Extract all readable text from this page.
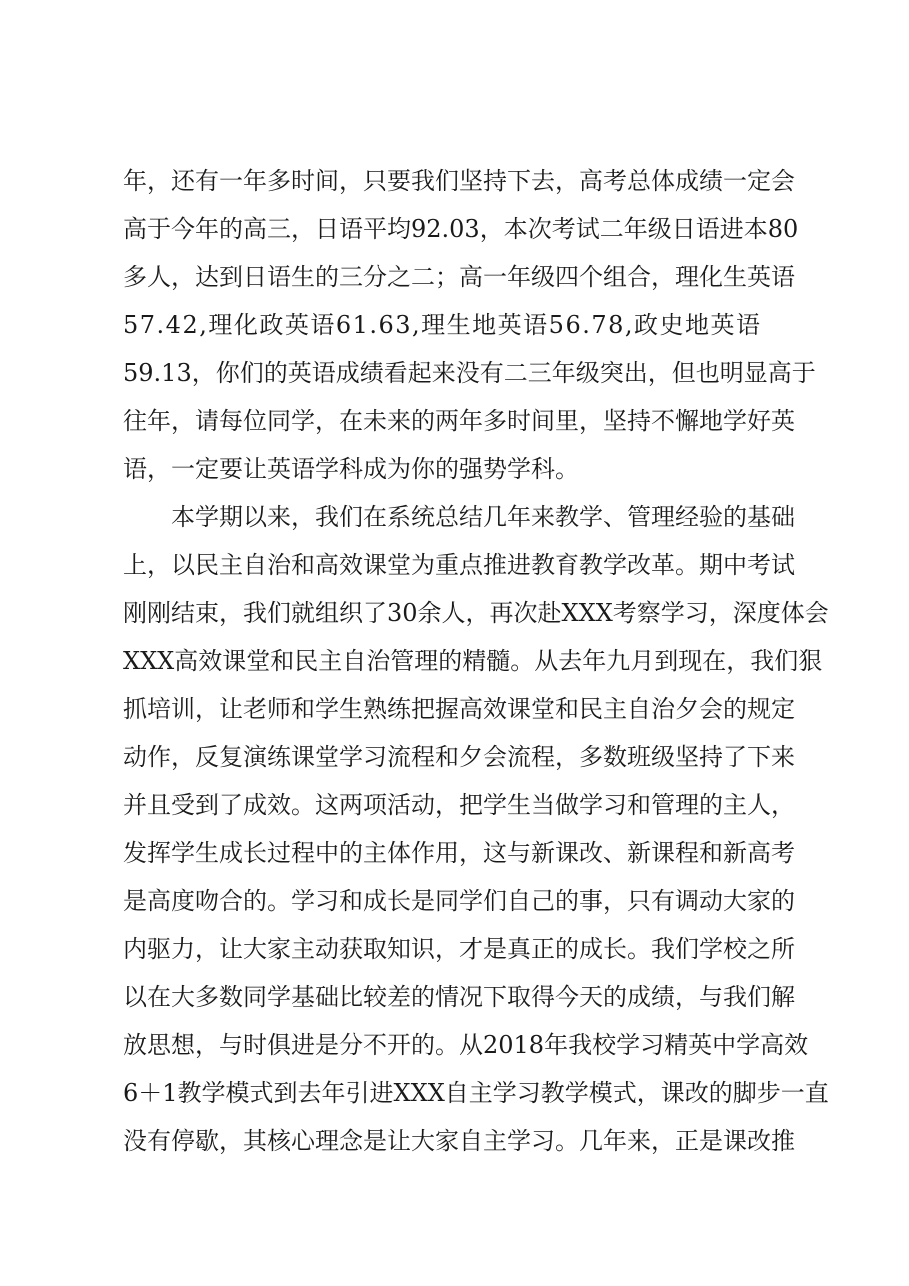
年，还有一年多时间，只要我们坚持下去，高考总体成绩一定会
高于今年的高三，日语平均92.03，本次考试二年级日语进本80
多人，达到日语生的三分之二；高一年级四个组合，理化生英语
57.42,理化政英语61.63,理生地英语56.78,政史地英语
59.13，你们的英语成绩看起来没有二三年级突出，但也明显高于
往年，请每位同学，在未来的两年多时间里，坚持不懈地学好英
语，一定要让英语学科成为你的强势学科。
本学期以来，我们在系统总结几年来教学、管理经验的基础
上，以民主自治和高效课堂为重点推进教育教学改革。期中考试
刚刚结束，我们就组织了30余人，再次赴XXX考察学习，深度体会
XXX高效课堂和民主自治管理的精髓。从去年九月到现在，我们狠
抓培训，让老师和学生熟练把握高效课堂和民主自治夕会的规定
动作，反复演练课堂学习流程和夕会流程，多数班级坚持了下来
并且受到了成效。这两项活动，把学生当做学习和管理的主人，
发挥学生成长过程中的主体作用，这与新课改、新课程和新高考
是高度吻合的。学习和成长是同学们自己的事，只有调动大家的
内驱力，让大家主动获取知识，才是真正的成长。我们学校之所
以在大多数同学基础比较差的情况下取得今天的成绩，与我们解
放思想，与时俱进是分不开的。从2018年我校学习精英中学高效
6＋1教学模式到去年引进XXX自主学习教学模式，课改的脚步一直
没有停歇，其核心理念是让大家自主学习。几年来，正是课改推
